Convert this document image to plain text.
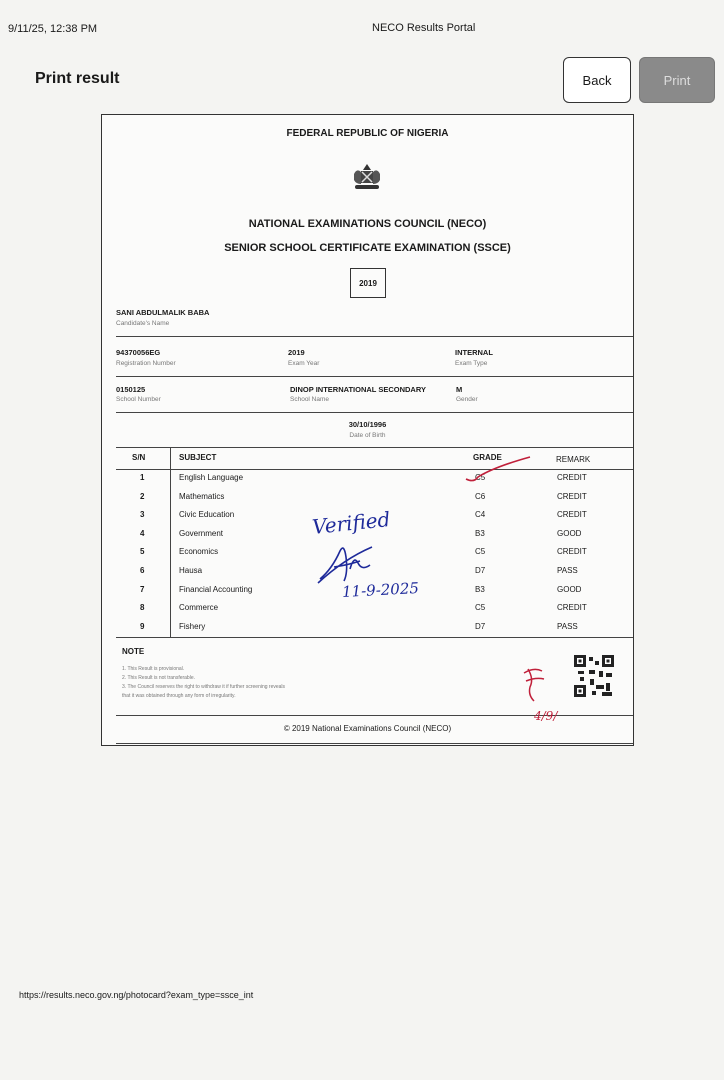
9/11/25, 12:38 PM	NECO Results Portal
Print result	Back	Print
FEDERAL REPUBLIC OF NIGERIA
NATIONAL EXAMINATIONS COUNCIL (NECO)
SENIOR SCHOOL CERTIFICATE EXAMINATION (SSCE)
2019
SANI ABDULMALIK BABA
Candidate's Name
94370056EG
Registration Number
2019
Exam Year
INTERNAL
Exam Type
0150125
School Number
DINOP INTERNATIONAL SECONDARY
School Name
M
Gender
30/10/1996
Date of Birth
S/N	SUBJECT	GRADE	REMARK
1	English Language	C5	CREDIT
2	Mathematics	C6	CREDIT
3	Civic Education	C4	CREDIT
4	Government	B3	GOOD
5	Economics	C5	CREDIT
6	Hausa	D7	PASS
7	Financial Accounting	B3	GOOD
8	Commerce	C5	CREDIT
9	Fishery	D7	PASS
NOTE
1. This Result is provisional.
2. This Result is not transferable.
3. The Council reserves the right to withdraw it if further screening reveals
that it was obtained through any form of irregularity.
© 2019 National Examinations Council (NECO)
Verified
11-9-2025
4/9/
https://results.neco.gov.ng/photocard?exam_type=ssce_int
